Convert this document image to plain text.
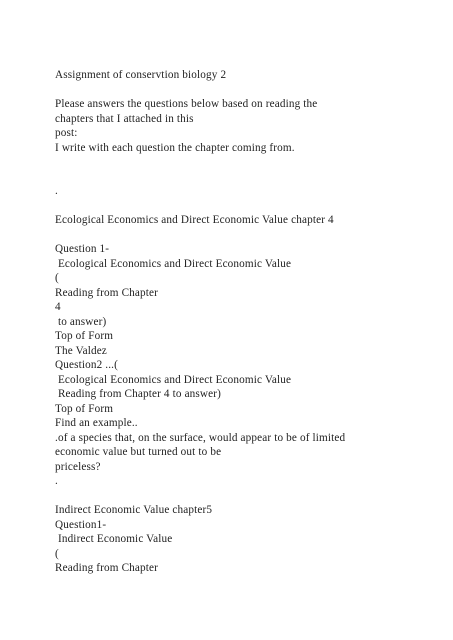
Assignment of conservtion biology 2
Please answers the questions below based on reading the
chapters that I attached in this
post:
I write with each question the chapter coming from.
.
Ecological Economics and Direct Economic Value chapter 4
Question 1-
Ecological Economics and Direct Economic Value
(
Reading from Chapter
4
to answer)
Top of Form
The Valdez
Question2 ...(
Ecological Economics and Direct Economic Value
Reading from Chapter 4 to answer)
Top of Form
Find an example..
.of a species that, on the surface, would appear to be of limited
economic value but turned out to be
priceless?
.
Indirect Economic Value chapter5
Question1-
Indirect Economic Value
(
Reading from Chapter
